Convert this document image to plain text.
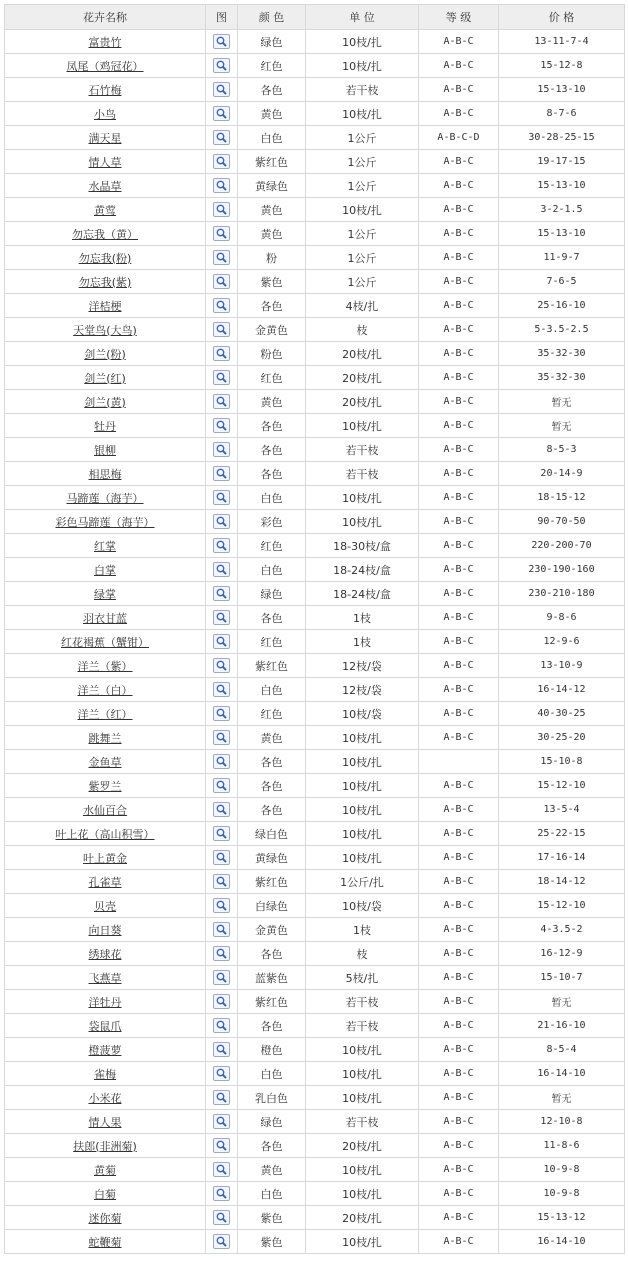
花卉名称	图	颜 色	单 位	等 级	价 格
富贵竹		绿色	10枝/扎	A-B-C	13-11-7-4
凤尾（鸡冠花）		红色	10枝/扎	A-B-C	15-12-8
石竹梅		各色	若干枝	A-B-C	15-13-10
小鸟		黄色	10枝/扎	A-B-C	8-7-6
满天星		白色	1公斤	A-B-C-D	30-28-25-15
情人草		紫红色	1公斤	A-B-C	19-17-15
水晶草		黄绿色	1公斤	A-B-C	15-13-10
黄莺		黄色	10枝/扎	A-B-C	3-2-1.5
勿忘我（黄）		黄色	1公斤	A-B-C	15-13-10
勿忘我(粉)		粉	1公斤	A-B-C	11-9-7
勿忘我(紫)		紫色	1公斤	A-B-C	7-6-5
洋桔梗		各色	4枝/扎	A-B-C	25-16-10
天堂鸟(大鸟)		金黄色	枝	A-B-C	5-3.5-2.5
剑兰(粉)		粉色	20枝/扎	A-B-C	35-32-30
剑兰(红)		红色	20枝/扎	A-B-C	35-32-30
剑兰(黄)		黄色	20枝/扎	A-B-C	暂无
牡丹		各色	10枝/扎	A-B-C	暂无
银柳		各色	若干枝	A-B-C	8-5-3
相思梅		各色	若干枝	A-B-C	20-14-9
马蹄莲（海芋）		白色	10枝/扎	A-B-C	18-15-12
彩色马蹄莲（海芋）		彩色	10枝/扎	A-B-C	90-70-50
红掌		红色	18-30枝/盒	A-B-C	220-200-70
白掌		白色	18-24枝/盒	A-B-C	230-190-160
绿掌		绿色	18-24枝/盒	A-B-C	230-210-180
羽衣甘蓝		各色	1枝	A-B-C	9-8-6
红花褐蕉（蟹钳）		红色	1枝	A-B-C	12-9-6
洋兰（紫）		紫红色	12枝/袋	A-B-C	13-10-9
洋兰（白）		白色	12枝/袋	A-B-C	16-14-12
洋兰（红）		红色	10枝/袋	A-B-C	40-30-25
跳舞兰		黄色	10枝/扎	A-B-C	30-25-20
金鱼草		各色	10枝/扎		15-10-8
紫罗兰		各色	10枝/扎	A-B-C	15-12-10
水仙百合		各色	10枝/扎	A-B-C	13-5-4
叶上花（高山积雪）		绿白色	10枝/扎	A-B-C	25-22-15
叶上黄金		黄绿色	10枝/扎	A-B-C	17-16-14
孔雀草		紫红色	1公斤/扎	A-B-C	18-14-12
贝壳		白绿色	10枝/袋	A-B-C	15-12-10
向日葵		金黄色	1枝	A-B-C	4-3.5-2
绣球花		各色	枝	A-B-C	16-12-9
飞燕草		蓝紫色	5枝/扎	A-B-C	15-10-7
洋牡丹		紫红色	若干枝	A-B-C	暂无
袋鼠爪		各色	若干枝	A-B-C	21-16-10
橙菠萝		橙色	10枝/扎	A-B-C	8-5-4
雀梅		白色	10枝/扎	A-B-C	16-14-10
小米花		乳白色	10枝/扎	A-B-C	暂无
情人果		绿色	若干枝	A-B-C	12-10-8
扶郎(非洲菊)		各色	20枝/扎	A-B-C	11-8-6
黄菊		黄色	10枝/扎	A-B-C	10-9-8
白菊		白色	10枝/扎	A-B-C	10-9-8
迷你菊		紫色	20枝/扎	A-B-C	15-13-12
蛇鞭菊		紫色	10枝/扎	A-B-C	16-14-10
